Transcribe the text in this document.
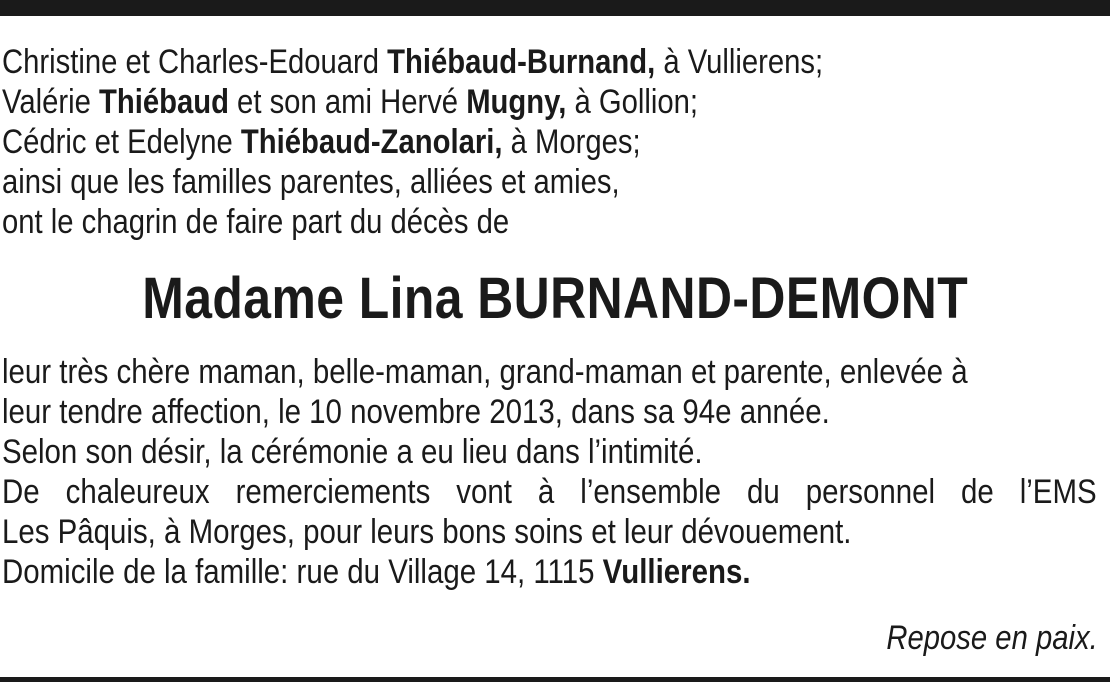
Christine et Charles-Edouard Thiébaud-Burnand, à Vullierens;
Valérie Thiébaud et son ami Hervé Mugny, à Gollion;
Cédric et Edelyne Thiébaud-Zanolari, à Morges;
ainsi que les familles parentes, alliées et amies,
ont le chagrin de faire part du décès de
Madame Lina BURNAND-DEMONT
leur très chère maman, belle-maman, grand-maman et parente, enlevée à
leur tendre affection, le 10 novembre 2013, dans sa 94e année.
Selon son désir, la cérémonie a eu lieu dans l’intimité.
De chaleureux remerciements vont à l’ensemble du personnel de l’EMS
Les Pâquis, à Morges, pour leurs bons soins et leur dévouement.
Domicile de la famille: rue du Village 14, 1115 Vullierens.
Repose en paix.
